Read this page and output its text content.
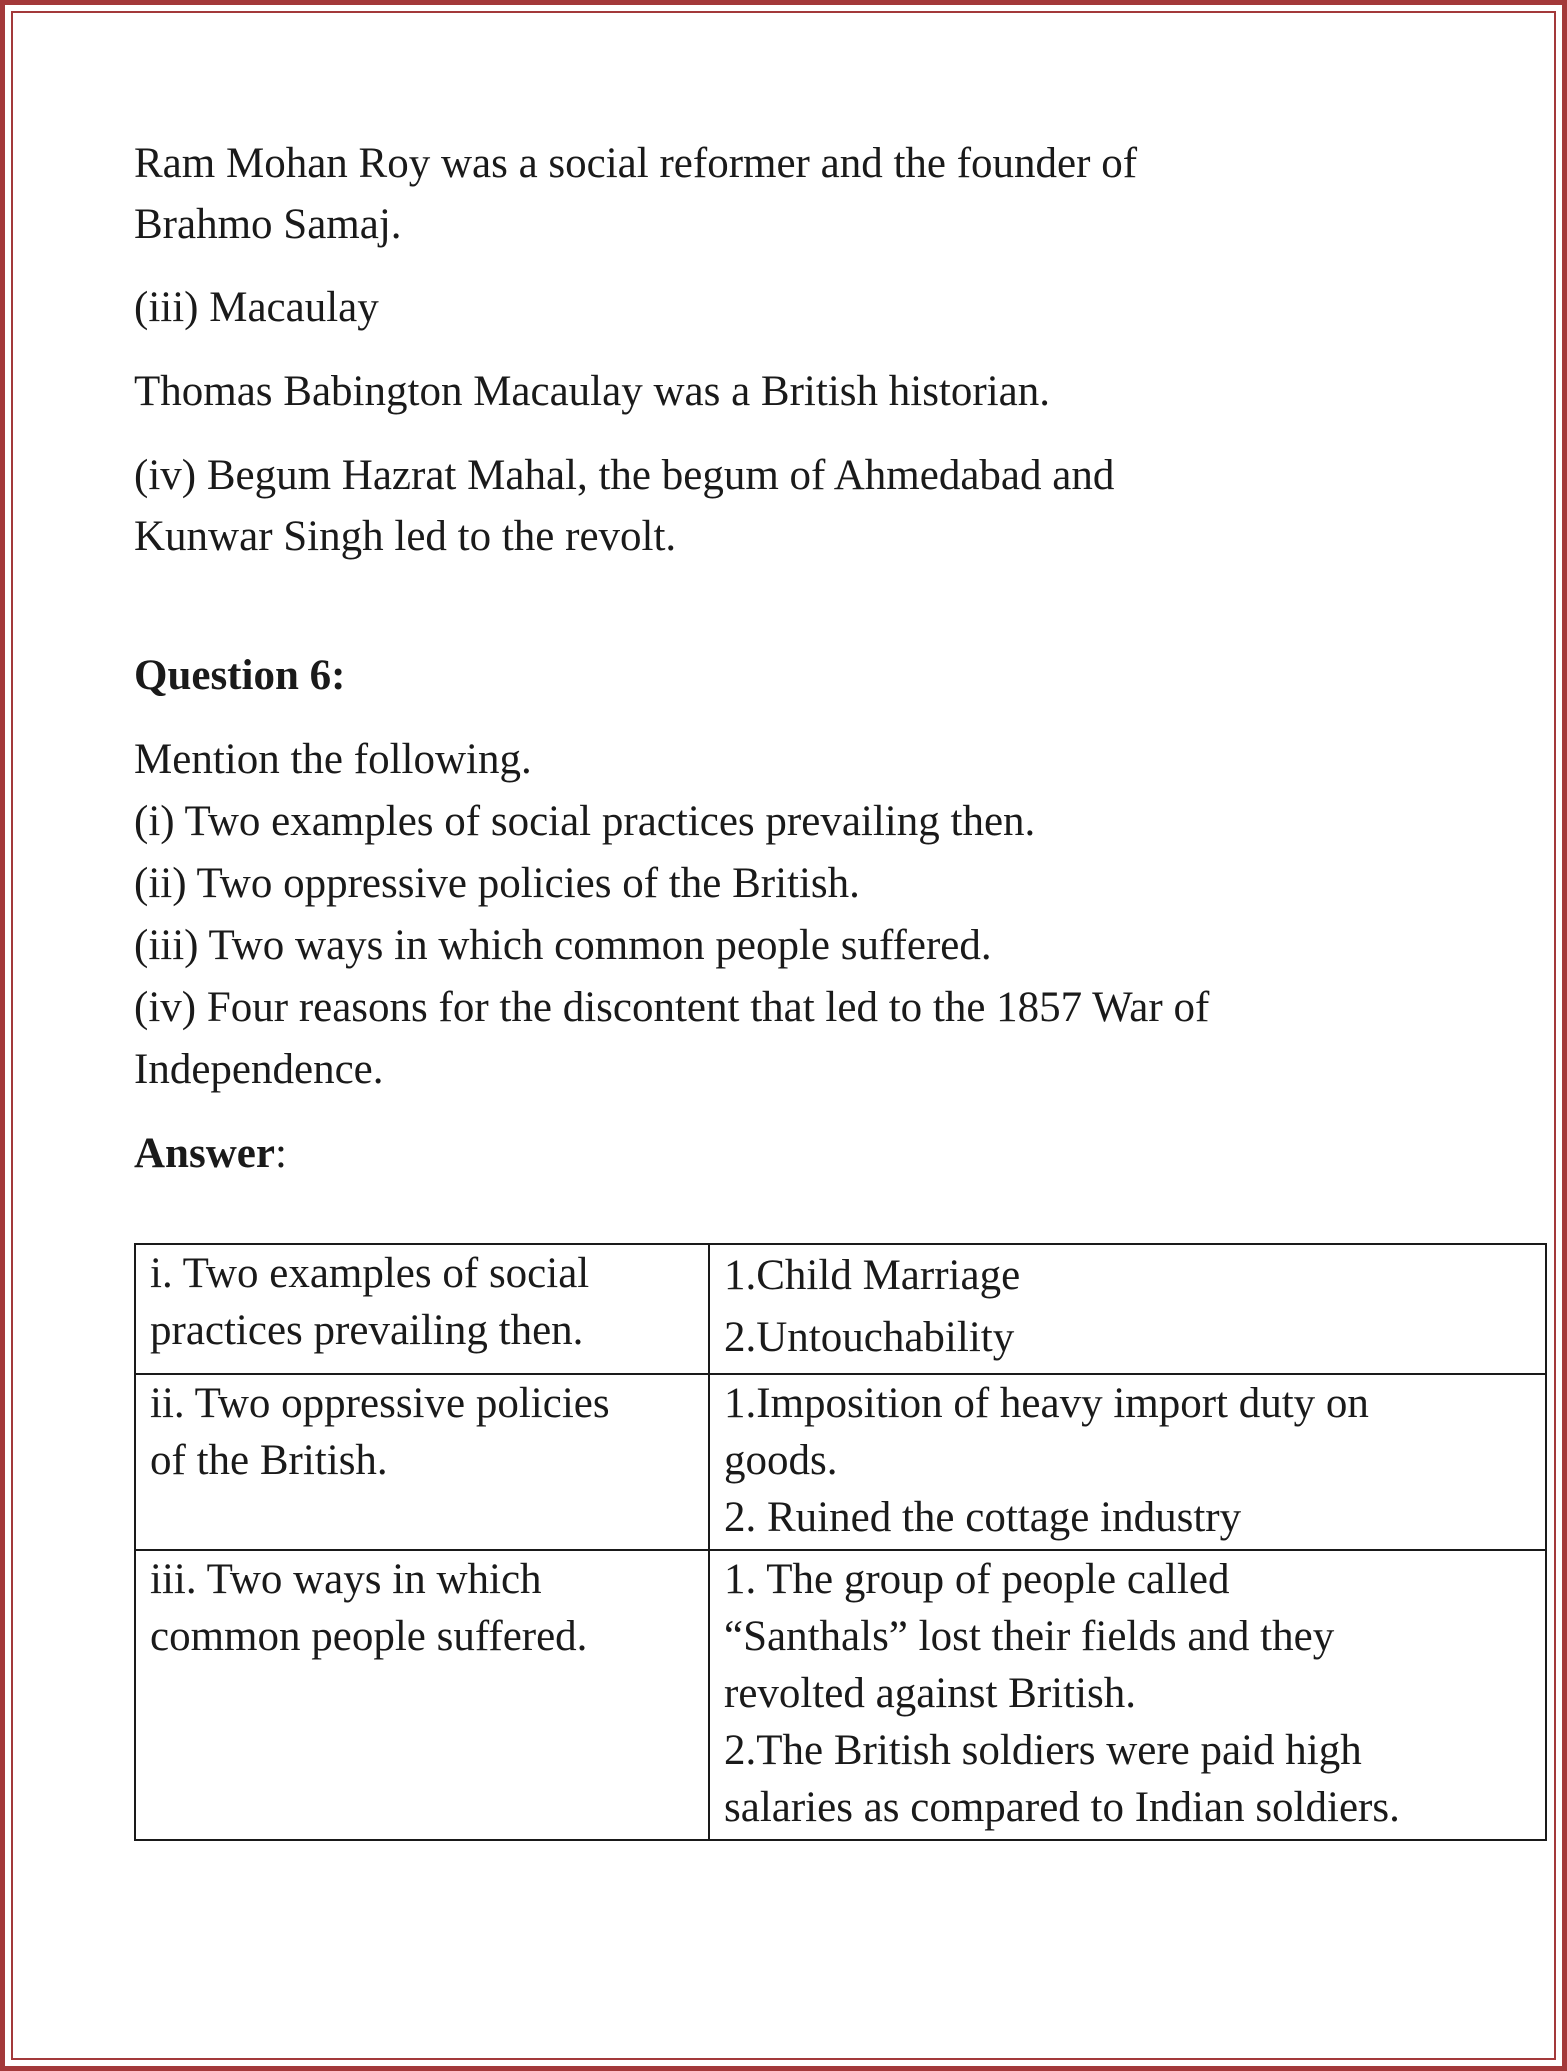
Ram Mohan Roy was a social reformer and the founder of
Brahmo Samaj.

(iii) Macaulay

Thomas Babington Macaulay was a British historian.

(iv) Begum Hazrat Mahal, the begum of Ahmedabad and
Kunwar Singh led to the revolt.

Question 6:

Mention the following.
(i) Two examples of social practices prevailing then.
(ii) Two oppressive policies of the British.
(iii) Two ways in which common people suffered.
(iv) Four reasons for the discontent that led to the 1857 War of
Independence.

Answer:

i. Two examples of social
practices prevailing then.	1.Child Marriage
2.Untouchability

ii. Two oppressive policies
of the British.	1.Imposition of heavy import duty on
goods.
2. Ruined the cottage industry

iii. Two ways in which
common people suffered.	1. The group of people called
“Santhals” lost their fields and they
revolted against British.
2.The British soldiers were paid high
salaries as compared to Indian soldiers.
